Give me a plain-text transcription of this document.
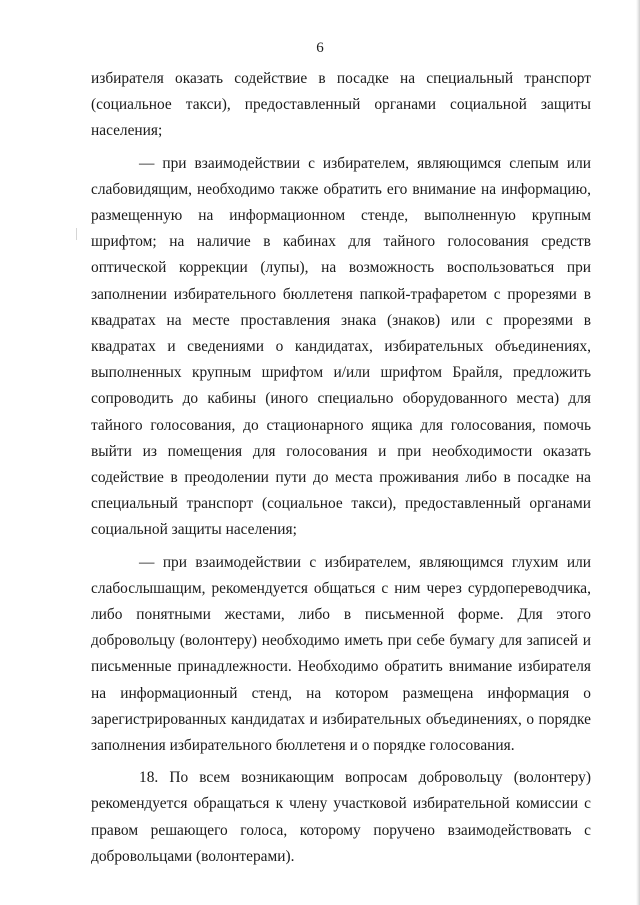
6

избирателя оказать содействие в посадке на специальный транспорт (социальное такси), предоставленный органами социальной защиты населения;

— при взаимодействии с избирателем, являющимся слепым или слабовидящим, необходимо также обратить его внимание на информацию, размещенную на информационном стенде, выполненную крупным шрифтом; на наличие в кабинах для тайного голосования средств оптической коррекции (лупы), на возможность воспользоваться при заполнении избирательного бюллетеня папкой-трафаретом с прорезями в квадратах на месте проставления знака (знаков) или с прорезями в квадратах и сведениями о кандидатах, избирательных объединениях, выполненных крупным шрифтом и/или шрифтом Брайля, предложить сопроводить до кабины (иного специально оборудованного места) для тайного голосования, до стационарного ящика для голосования, помочь выйти из помещения для голосования и при необходимости оказать содействие в преодолении пути до места проживания либо в посадке на специальный транспорт (социальное такси), предоставленный органами социальной защиты населения;

— при взаимодействии с избирателем, являющимся глухим или слабослышащим, рекомендуется общаться с ним через сурдопереводчика, либо понятными жестами, либо в письменной форме. Для этого добровольцу (волонтеру) необходимо иметь при себе бумагу для записей и письменные принадлежности. Необходимо обратить внимание избирателя на информационный стенд, на котором размещена информация о зарегистрированных кандидатах и избирательных объединениях, о порядке заполнения избирательного бюллетеня и о порядке голосования.

18. По всем возникающим вопросам добровольцу (волонтеру) рекомендуется обращаться к члену участковой избирательной комиссии с правом решающего голоса, которому поручено взаимодействовать с добровольцами (волонтерами).
